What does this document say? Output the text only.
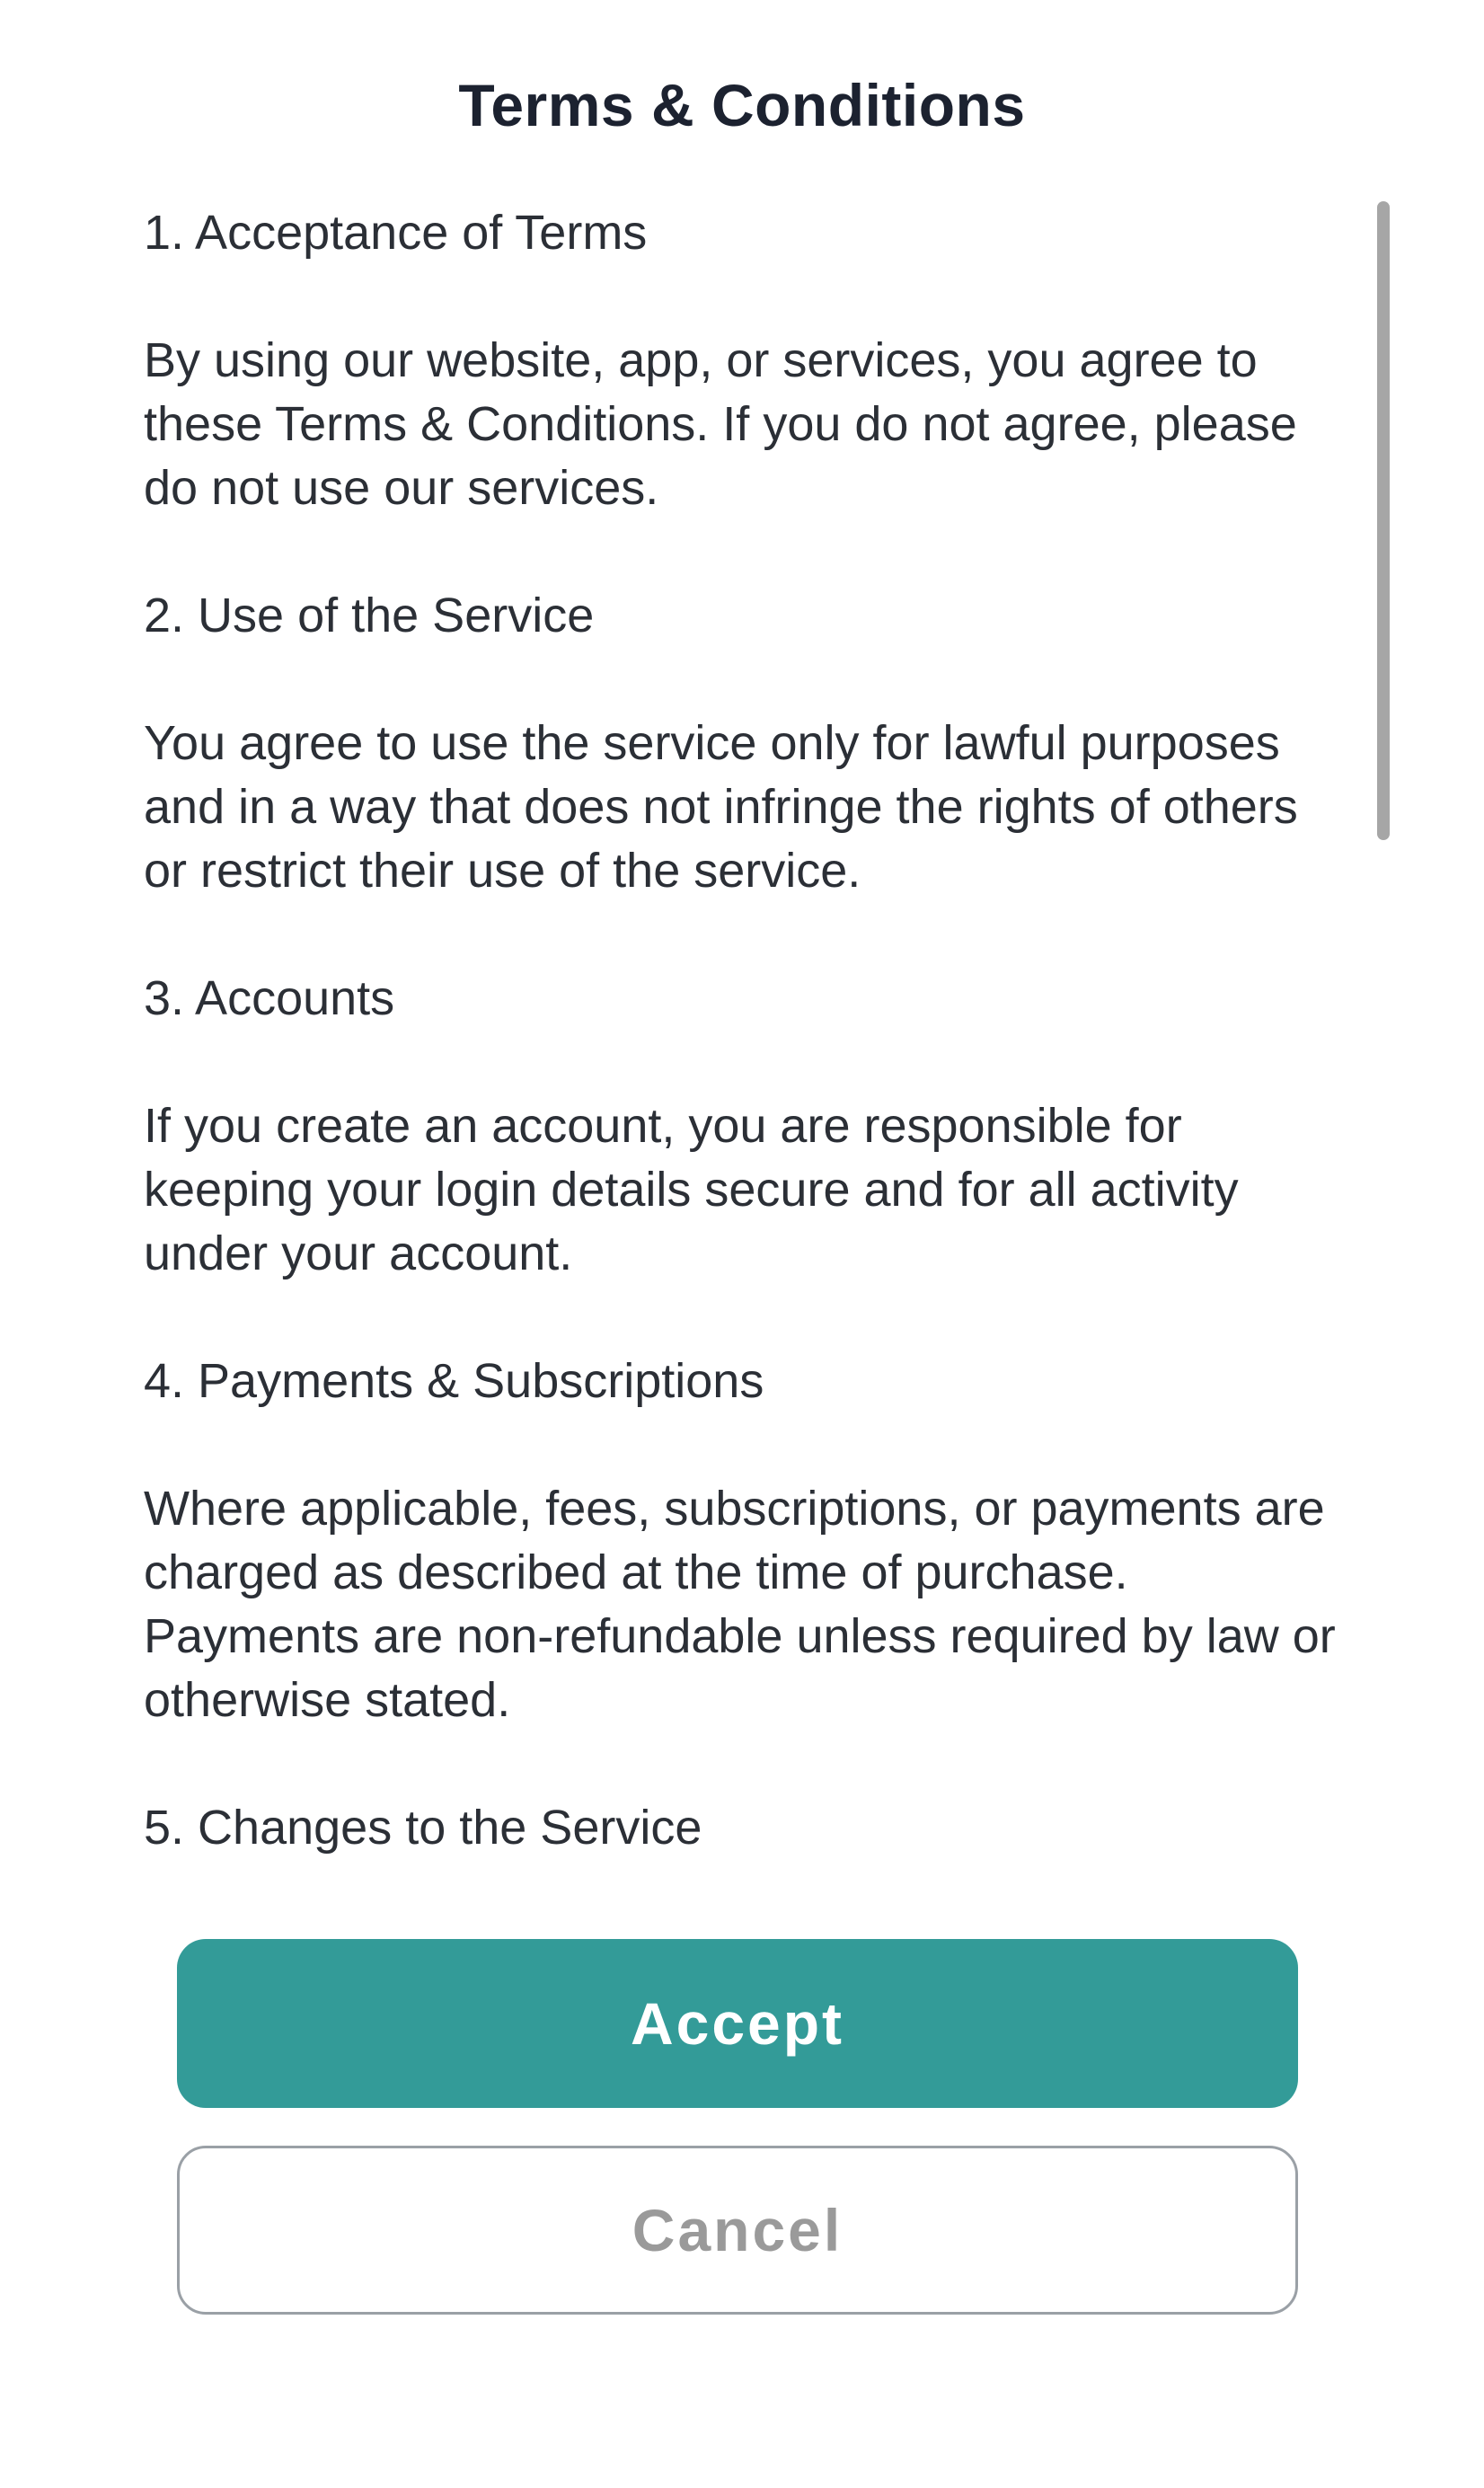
Terms & Conditions

1. Acceptance of Terms

By using our website, app, or services, you agree to these Terms & Conditions. If you do not agree, please do not use our services.

2. Use of the Service

You agree to use the service only for lawful purposes and in a way that does not infringe the rights of others or restrict their use of the service.

3. Accounts

If you create an account, you are responsible for keeping your login details secure and for all activity under your account.

4. Payments & Subscriptions

Where applicable, fees, subscriptions, or payments are charged as described at the time of purchase. Payments are non-refundable unless required by law or otherwise stated.

5. Changes to the Service

Accept
Cancel
